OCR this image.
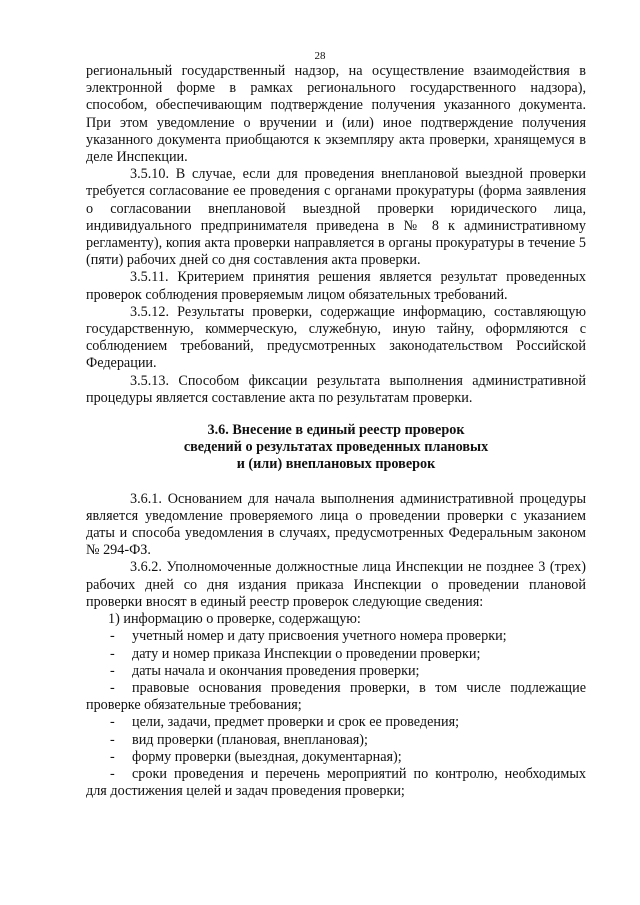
28

региональный государственный надзор, на осуществление взаимодействия в электронной форме в рамках регионального государственного надзора), способом, обеспечивающим подтверждение получения указанного документа. При этом уведомление о вручении и (или) иное подтверждение получения указанного документа приобщаются к экземпляру акта проверки, хранящемуся в деле Инспекции.

3.5.10. В случае, если для проведения внеплановой выездной проверки требуется согласование ее проведения с органами прокуратуры (форма заявления о согласовании внеплановой выездной проверки юридического лица, индивидуального предпринимателя приведена в № 8 к административному регламенту), копия акта проверки направляется в органы прокуратуры в течение 5 (пяти) рабочих дней со дня составления акта проверки.

3.5.11. Критерием принятия решения является результат проведенных проверок соблюдения проверяемым лицом обязательных требований.

3.5.12. Результаты проверки, содержащие информацию, составляющую государственную, коммерческую, служебную, иную тайну, оформляются с соблюдением требований, предусмотренных законодательством Российской Федерации.

3.5.13. Способом фиксации результата выполнения административной процедуры является составление акта по результатам проверки.

3.6. Внесение в единый реестр проверок
сведений о результатах проведенных плановых
и (или) внеплановых проверок

3.6.1. Основанием для начала выполнения административной процедуры является уведомление проверяемого лица о проведении проверки с указанием даты и способа уведомления в случаях, предусмотренных Федеральным законом № 294-ФЗ.

3.6.2. Уполномоченные должностные лица Инспекции не позднее 3 (трех) рабочих дней со дня издания приказа Инспекции о проведении плановой проверки вносят в единый реестр проверок следующие сведения:

1) информацию о проверке, содержащую:

- учетный номер и дату присвоения учетного номера проверки;

- дату и номер приказа Инспекции о проведении проверки;

- даты начала и окончания проведения проверки;

- правовые основания проведения проверки, в том числе подлежащие проверке обязательные требования;

- цели, задачи, предмет проверки и срок ее проведения;

- вид проверки (плановая, внеплановая);

- форму проверки (выездная, документарная);

- сроки проведения и перечень мероприятий по контролю, необходимых для достижения целей и задач проведения проверки;
